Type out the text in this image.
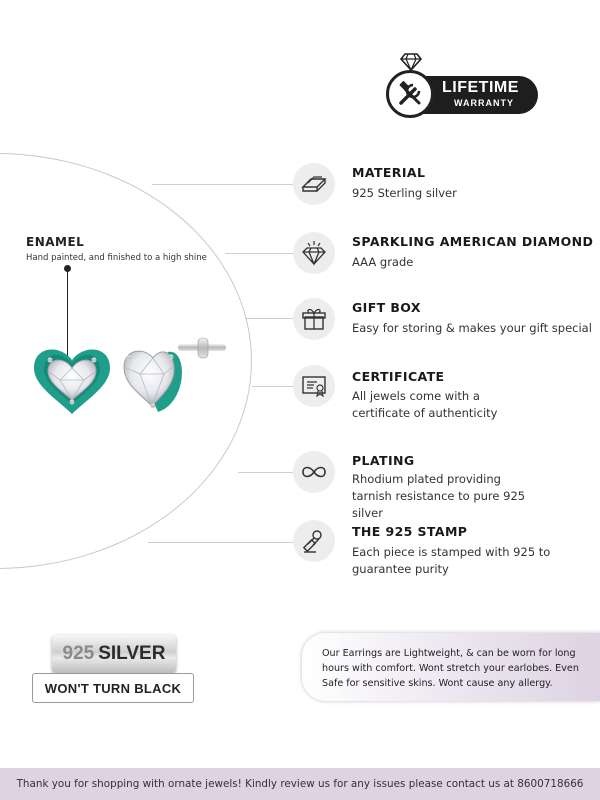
LIFETIME
WARRANTY
ENAMEL
Hand painted, and finished to a high shine
MATERIAL
925 Sterling silver
SPARKLING AMERICAN DIAMOND
AAA grade
GIFT BOX
Easy for storing & makes your gift special
CERTIFICATE
All jewels come with a certificate of authenticity
PLATING
Rhodium plated providing tarnish resistance to pure 925 silver
THE 925 STAMP
Each piece is stamped with 925 to guarantee purity
925 SILVER
WON'T TURN BLACK
Our Earrings are Lightweight, & can be worn for long hours with comfort. Wont stretch your earlobes. Even Safe for sensitive skins. Wont cause any allergy.
Thank you for shopping with ornate jewels! Kindly review us for any issues please contact us at 8600718666
